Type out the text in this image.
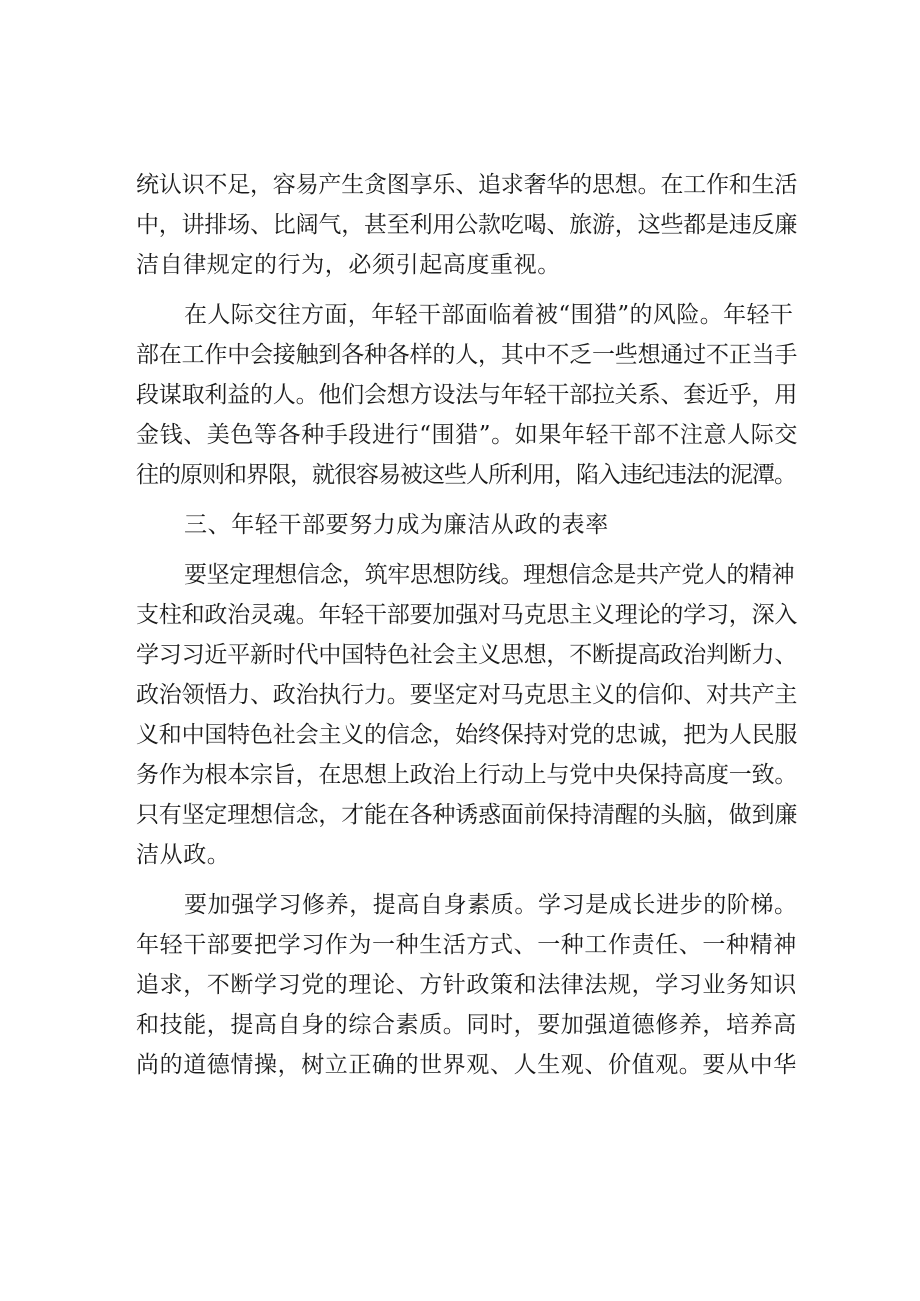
统认识不足，容易产生贪图享乐、追求奢华的思想。在工作和生活
中，讲排场、比阔气，甚至利用公款吃喝、旅游，这些都是违反廉
洁自律规定的行为，必须引起高度重视。

在人际交往方面，年轻干部面临着被“围猎”的风险。年轻干
部在工作中会接触到各种各样的人，其中不乏一些想通过不正当手
段谋取利益的人。他们会想方设法与年轻干部拉关系、套近乎，用
金钱、美色等各种手段进行“围猎”。如果年轻干部不注意人际交
往的原则和界限，就很容易被这些人所利用，陷入违纪违法的泥潭。

三、年轻干部要努力成为廉洁从政的表率

要坚定理想信念，筑牢思想防线。理想信念是共产党人的精神
支柱和政治灵魂。年轻干部要加强对马克思主义理论的学习，深入
学习习近平新时代中国特色社会主义思想，不断提高政治判断力、
政治领悟力、政治执行力。要坚定对马克思主义的信仰、对共产主
义和中国特色社会主义的信念，始终保持对党的忠诚，把为人民服
务作为根本宗旨，在思想上政治上行动上与党中央保持高度一致。
只有坚定理想信念，才能在各种诱惑面前保持清醒的头脑，做到廉
洁从政。

要加强学习修养，提高自身素质。学习是成长进步的阶梯。
年轻干部要把学习作为一种生活方式、一种工作责任、一种精神
追求，不断学习党的理论、方针政策和法律法规，学习业务知识
和技能，提高自身的综合素质。同时，要加强道德修养，培养高
尚的道德情操，树立正确的世界观、人生观、价值观。要从中华
